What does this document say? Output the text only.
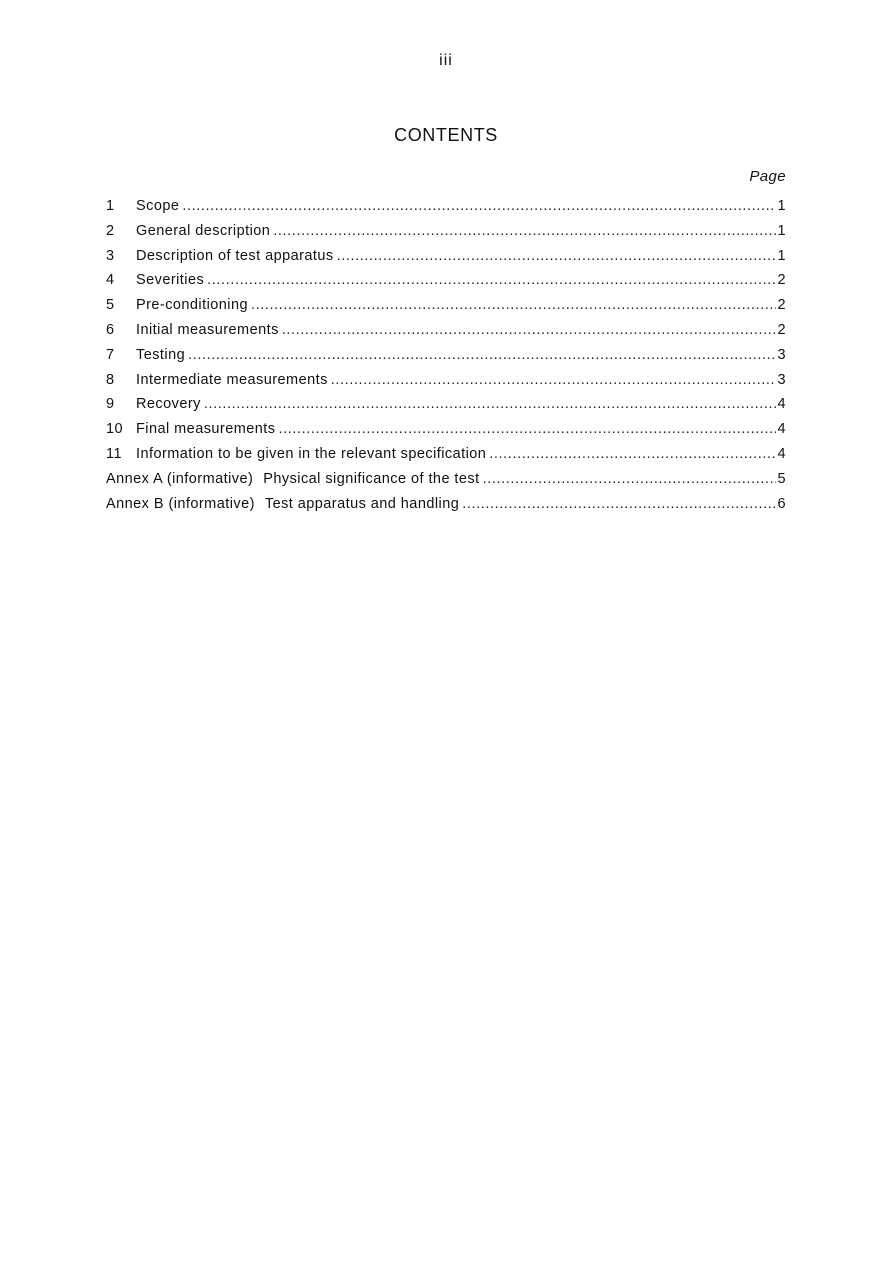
iii
CONTENTS
Page
1	Scope .....	1
2	General description .....	1
3	Description of test apparatus .....	1
4	Severities .....	2
5	Pre-conditioning .....	2
6	Initial measurements .....	2
7	Testing .....	3
8	Intermediate measurements .....	3
9	Recovery .....	4
10 Final measurements .....	4
11 Information to be given in the relevant specification .....	4
Annex A (informative) Physical significance of the test .....	5
Annex B (informative) Test apparatus and handling .....	6
